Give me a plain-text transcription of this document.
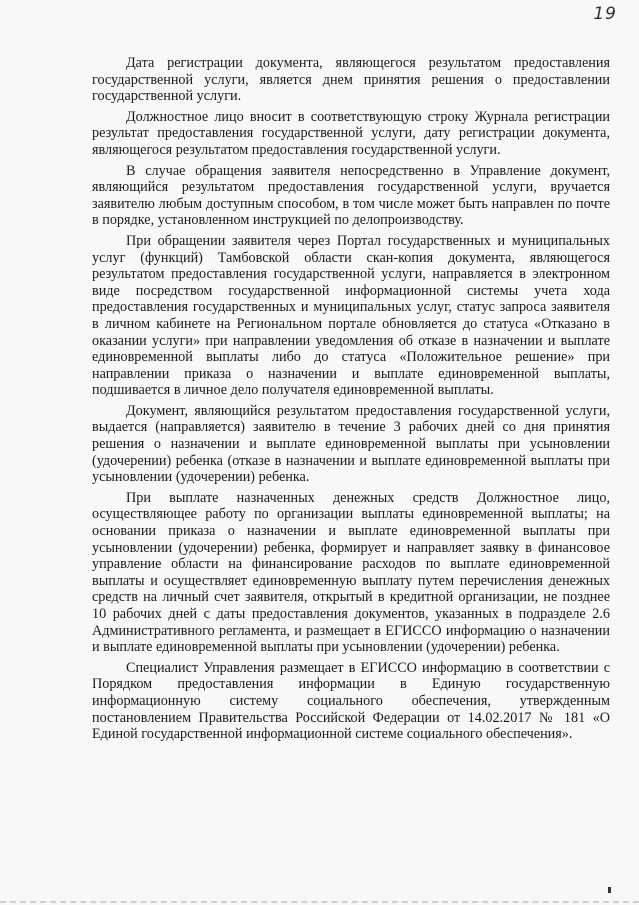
19

Дата регистрации документа, являющегося результатом предоставления государственной услуги, является днем принятия решения о предоставлении государственной услуги.

Должностное лицо вносит в соответствующую строку Журнала регистрации результат предоставления государственной услуги, дату регистрации документа, являющегося результатом предоставления государственной услуги.

В случае обращения заявителя непосредственно в Управление документ, являющийся результатом предоставления государственной услуги, вручается заявителю любым доступным способом, в том числе может быть направлен по почте в порядке, установленном инструкцией по делопроизводству.

При обращении заявителя через Портал государственных и муниципальных услуг (функций) Тамбовской области скан-копия документа, являющегося результатом предоставления государственной услуги, направляется в электронном виде посредством государственной информационной системы учета хода предоставления государственных и муниципальных услуг, статус запроса заявителя в личном кабинете на Региональном портале обновляется до статуса «Отказано в оказании услуги» при направлении уведомления об отказе в назначении и выплате единовременной выплаты либо до статуса «Положительное решение» при направлении приказа о назначении и выплате единовременной выплаты, подшивается в личное дело получателя единовременной выплаты.

Документ, являющийся результатом предоставления государственной услуги, выдается (направляется) заявителю в течение 3 рабочих дней со дня принятия решения о назначении и выплате единовременной выплаты при усыновлении (удочерении) ребенка (отказе в назначении и выплате единовременной выплаты при усыновлении (удочерении) ребенка.

При выплате назначенных денежных средств Должностное лицо, осуществляющее работу по организации выплаты единовременной выплаты; на основании приказа о назначении и выплате единовременной выплаты при усыновлении (удочерении) ребенка, формирует и направляет заявку в финансовое управление области на финансирование расходов по выплате единовременной выплаты и осуществляет единовременную выплату путем перечисления денежных средств на личный счет заявителя, открытый в кредитной организации, не позднее 10 рабочих дней с даты предоставления документов, указанных в подразделе 2.6 Административного регламента, и размещает в ЕГИССО информацию о назначении и выплате единовременной выплаты при усыновлении (удочерении) ребенка.

Специалист Управления размещает в ЕГИССО информацию в соответствии с Порядком предоставления информации в Единую государственную информационную систему социального обеспечения, утвержденным постановлением Правительства Российской Федерации от 14.02.2017 № 181 «О Единой государственной информационной системе социального обеспечения».
